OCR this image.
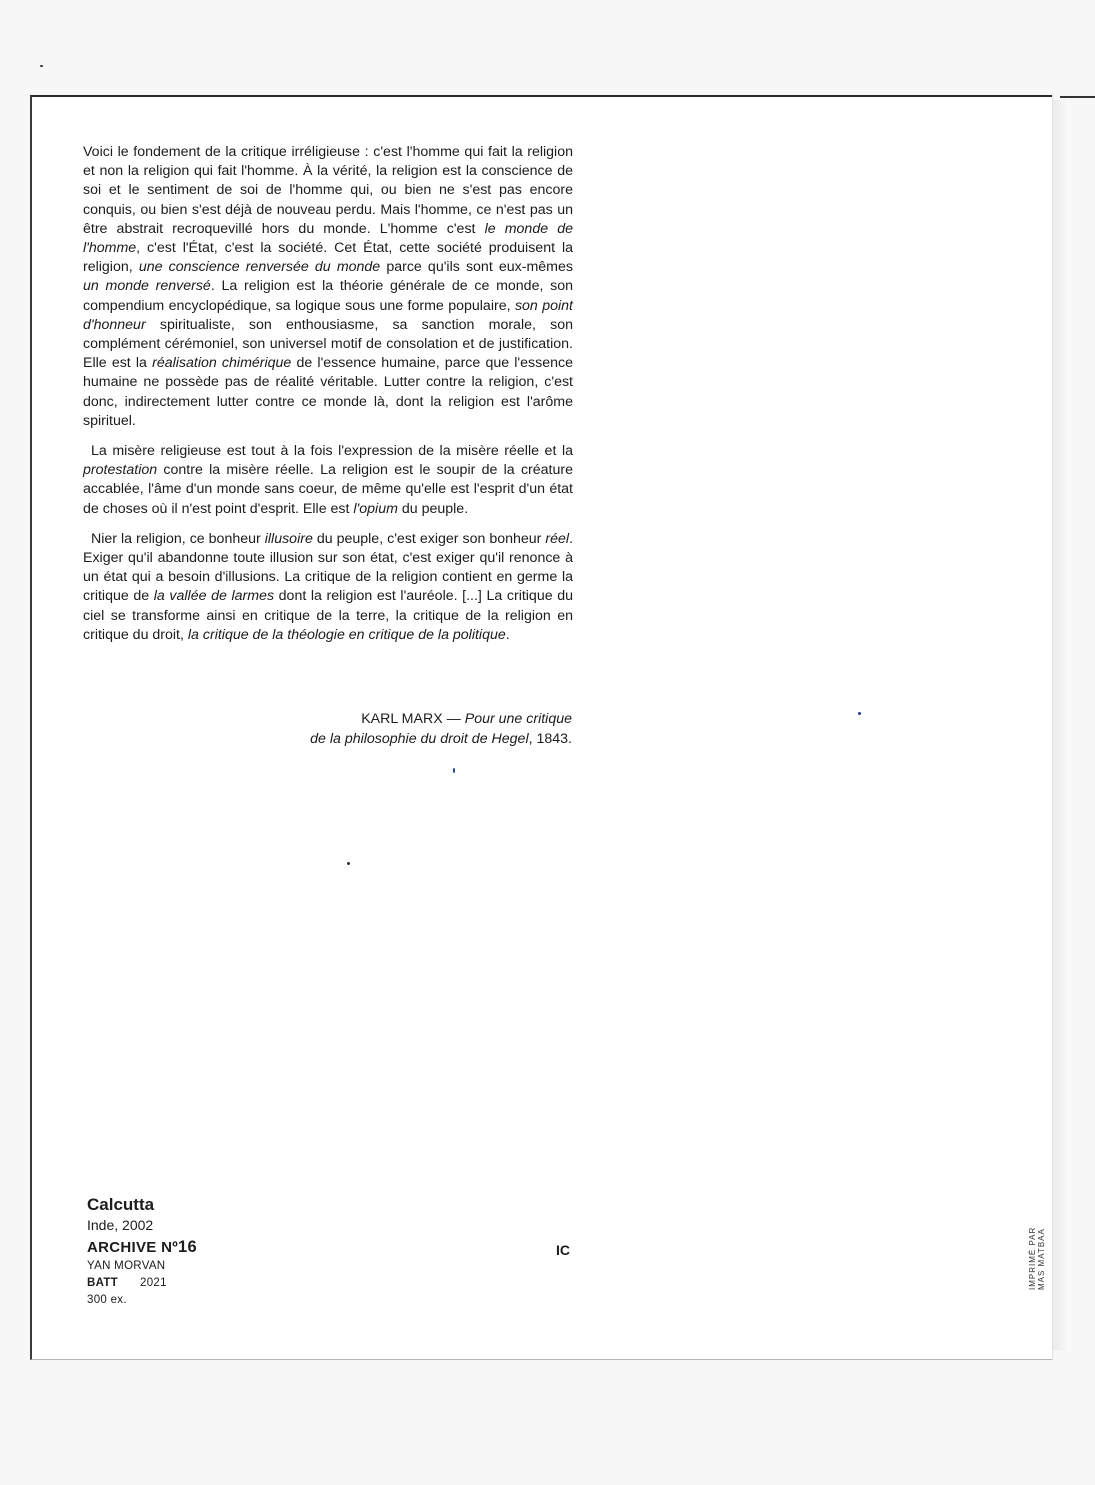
Voici le fondement de la critique irréligieuse : c'est l'homme qui fait la religion et non la religion qui fait l'homme. À la vérité, la religion est la conscience de soi et le sentiment de soi de l'homme qui, ou bien ne s'est pas encore conquis, ou bien s'est déjà de nouveau perdu. Mais l'homme, ce n'est pas un être abstrait recroquevillé hors du monde. L'homme c'est le monde de l'homme, c'est l'État, c'est la société. Cet État, cette société produisent la religion, une conscience renversée du monde parce qu'ils sont eux-mêmes un monde renversé. La religion est la théorie générale de ce monde, son compendium encyclopédique, sa logique sous une forme populaire, son point d'honneur spiritualiste, son enthousiasme, sa sanction morale, son complément cérémoniel, son universel motif de consolation et de justification. Elle est la réalisation chimérique de l'essence humaine, parce que l'essence humaine ne possède pas de réalité véritable. Lutter contre la religion, c'est donc, indirectement lutter contre ce monde là, dont la religion est l'arôme spirituel.

La misère religieuse est tout à la fois l'expression de la misère réelle et la protestation contre la misère réelle. La religion est le soupir de la créature accablée, l'âme d'un monde sans coeur, de même qu'elle est l'esprit d'un état de choses où il n'est point d'esprit. Elle est l'opium du peuple.

Nier la religion, ce bonheur illusoire du peuple, c'est exiger son bonheur réel. Exiger qu'il abandonne toute illusion sur son état, c'est exiger qu'il renonce à un état qui a besoin d'illusions. La critique de la religion contient en germe la critique de la vallée de larmes dont la religion est l'auréole. [...] La critique du ciel se transforme ainsi en critique de la terre, la critique de la religion en critique du droit, la critique de la théologie en critique de la politique.

KARL MARX — Pour une critique
de la philosophie du droit de Hegel, 1843.
Calcutta
Inde, 2002
ARCHIVE Nº16
YAN MORVAN
BATT 2021
300 ex.
IC	IMPRIMÉ PAR MAS MATBAA
